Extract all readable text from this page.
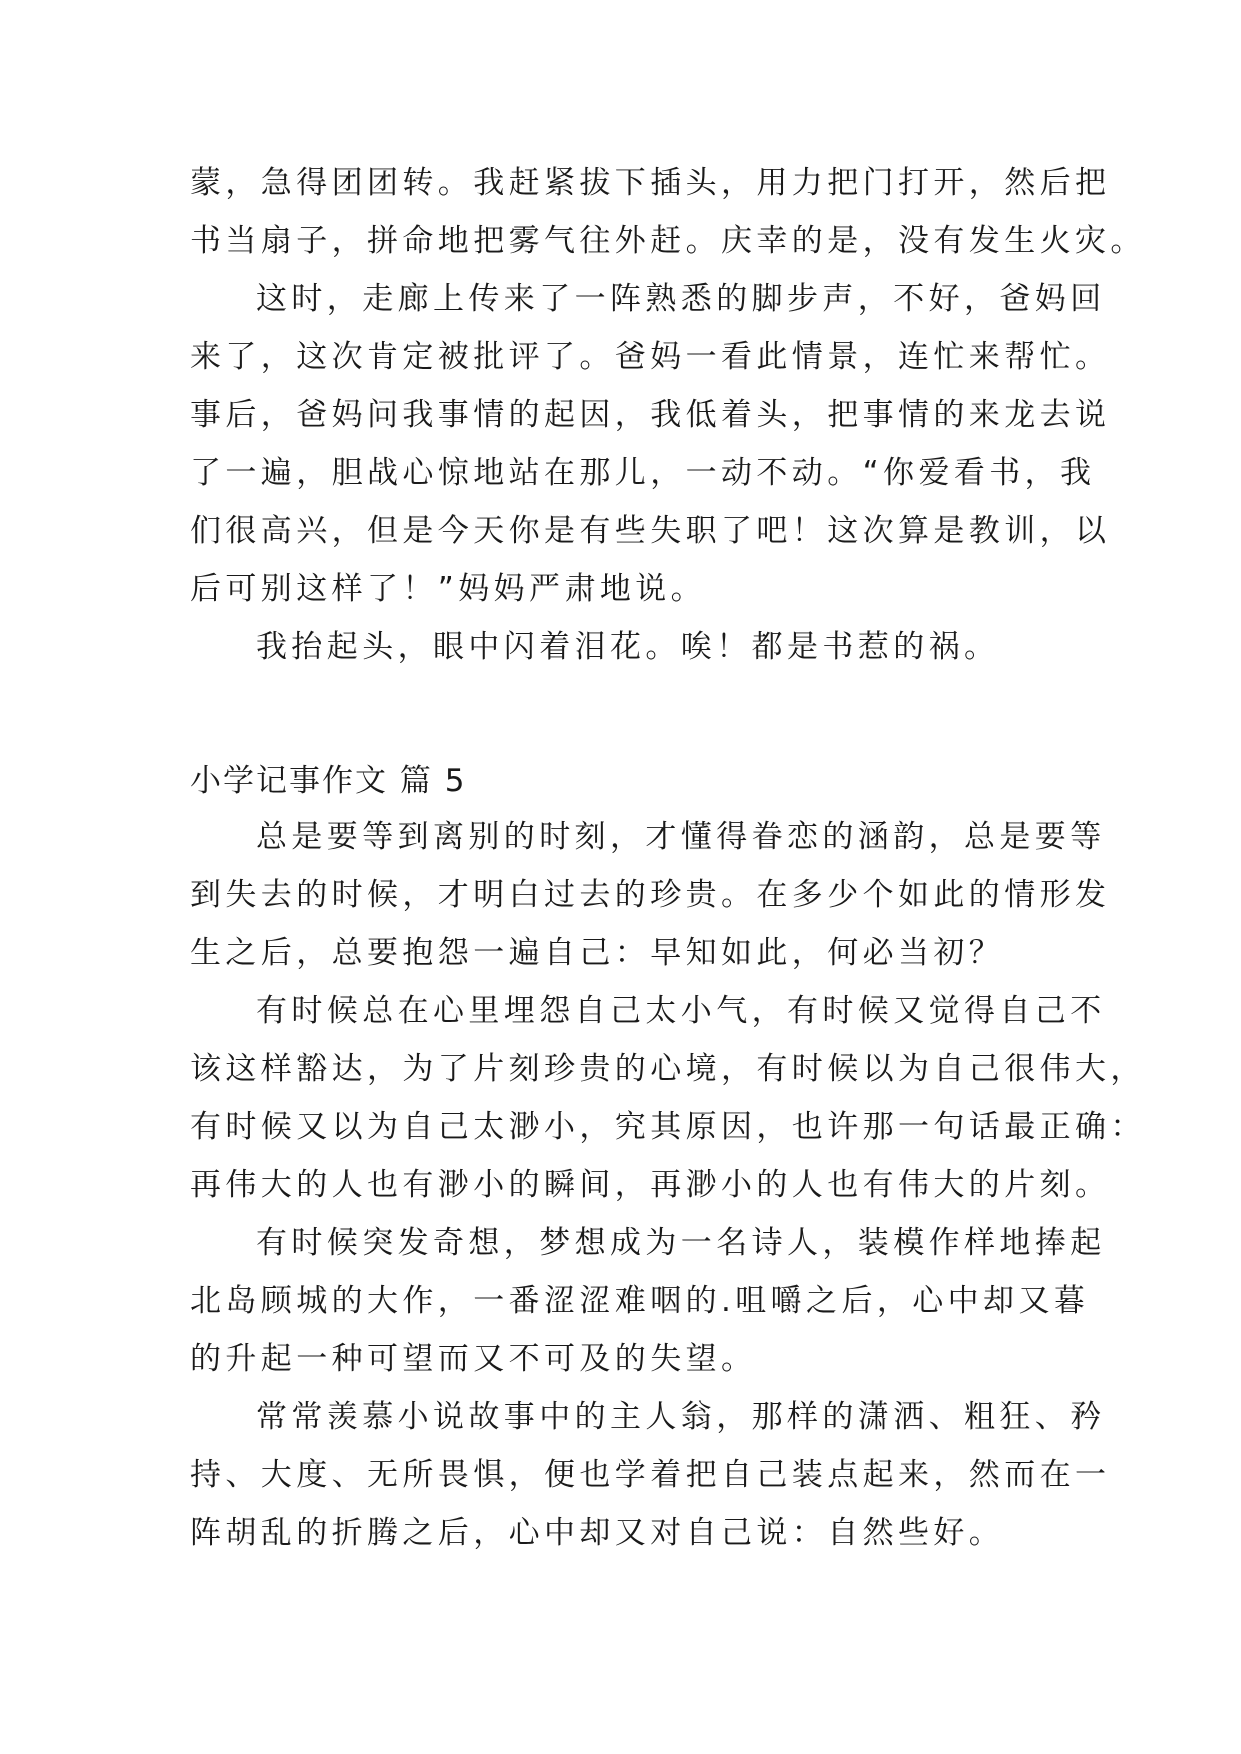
蒙，急得团团转。我赶紧拔下插头，用力把门打开，然后把
书当扇子，拼命地把雾气往外赶。庆幸的是，没有发生火灾。
这时，走廊上传来了一阵熟悉的脚步声，不好，爸妈回
来了，这次肯定被批评了。爸妈一看此情景，连忙来帮忙。
事后，爸妈问我事情的起因，我低着头，把事情的来龙去说
了一遍，胆战心惊地站在那儿，一动不动。“你爱看书，我
们很高兴，但是今天你是有些失职了吧！这次算是教训，以
后可别这样了！”妈妈严肃地说。
我抬起头，眼中闪着泪花。唉！都是书惹的祸。
小学记事作文 篇 5
总是要等到离别的时刻，才懂得眷恋的涵韵，总是要等
到失去的时候，才明白过去的珍贵。在多少个如此的情形发
生之后，总要抱怨一遍自己：早知如此，何必当初？
有时候总在心里埋怨自己太小气，有时候又觉得自己不
该这样豁达，为了片刻珍贵的心境，有时候以为自己很伟大，
有时候又以为自己太渺小，究其原因，也许那一句话最正确：
再伟大的人也有渺小的瞬间，再渺小的人也有伟大的片刻。
有时候突发奇想，梦想成为一名诗人，装模作样地捧起
北岛顾城的大作，一番涩涩难咽的.咀嚼之后，心中却又暮
的升起一种可望而又不可及的失望。
常常羡慕小说故事中的主人翁，那样的潇洒、粗狂、矜
持、大度、无所畏惧，便也学着把自己装点起来，然而在一
阵胡乱的折腾之后，心中却又对自己说：自然些好。
